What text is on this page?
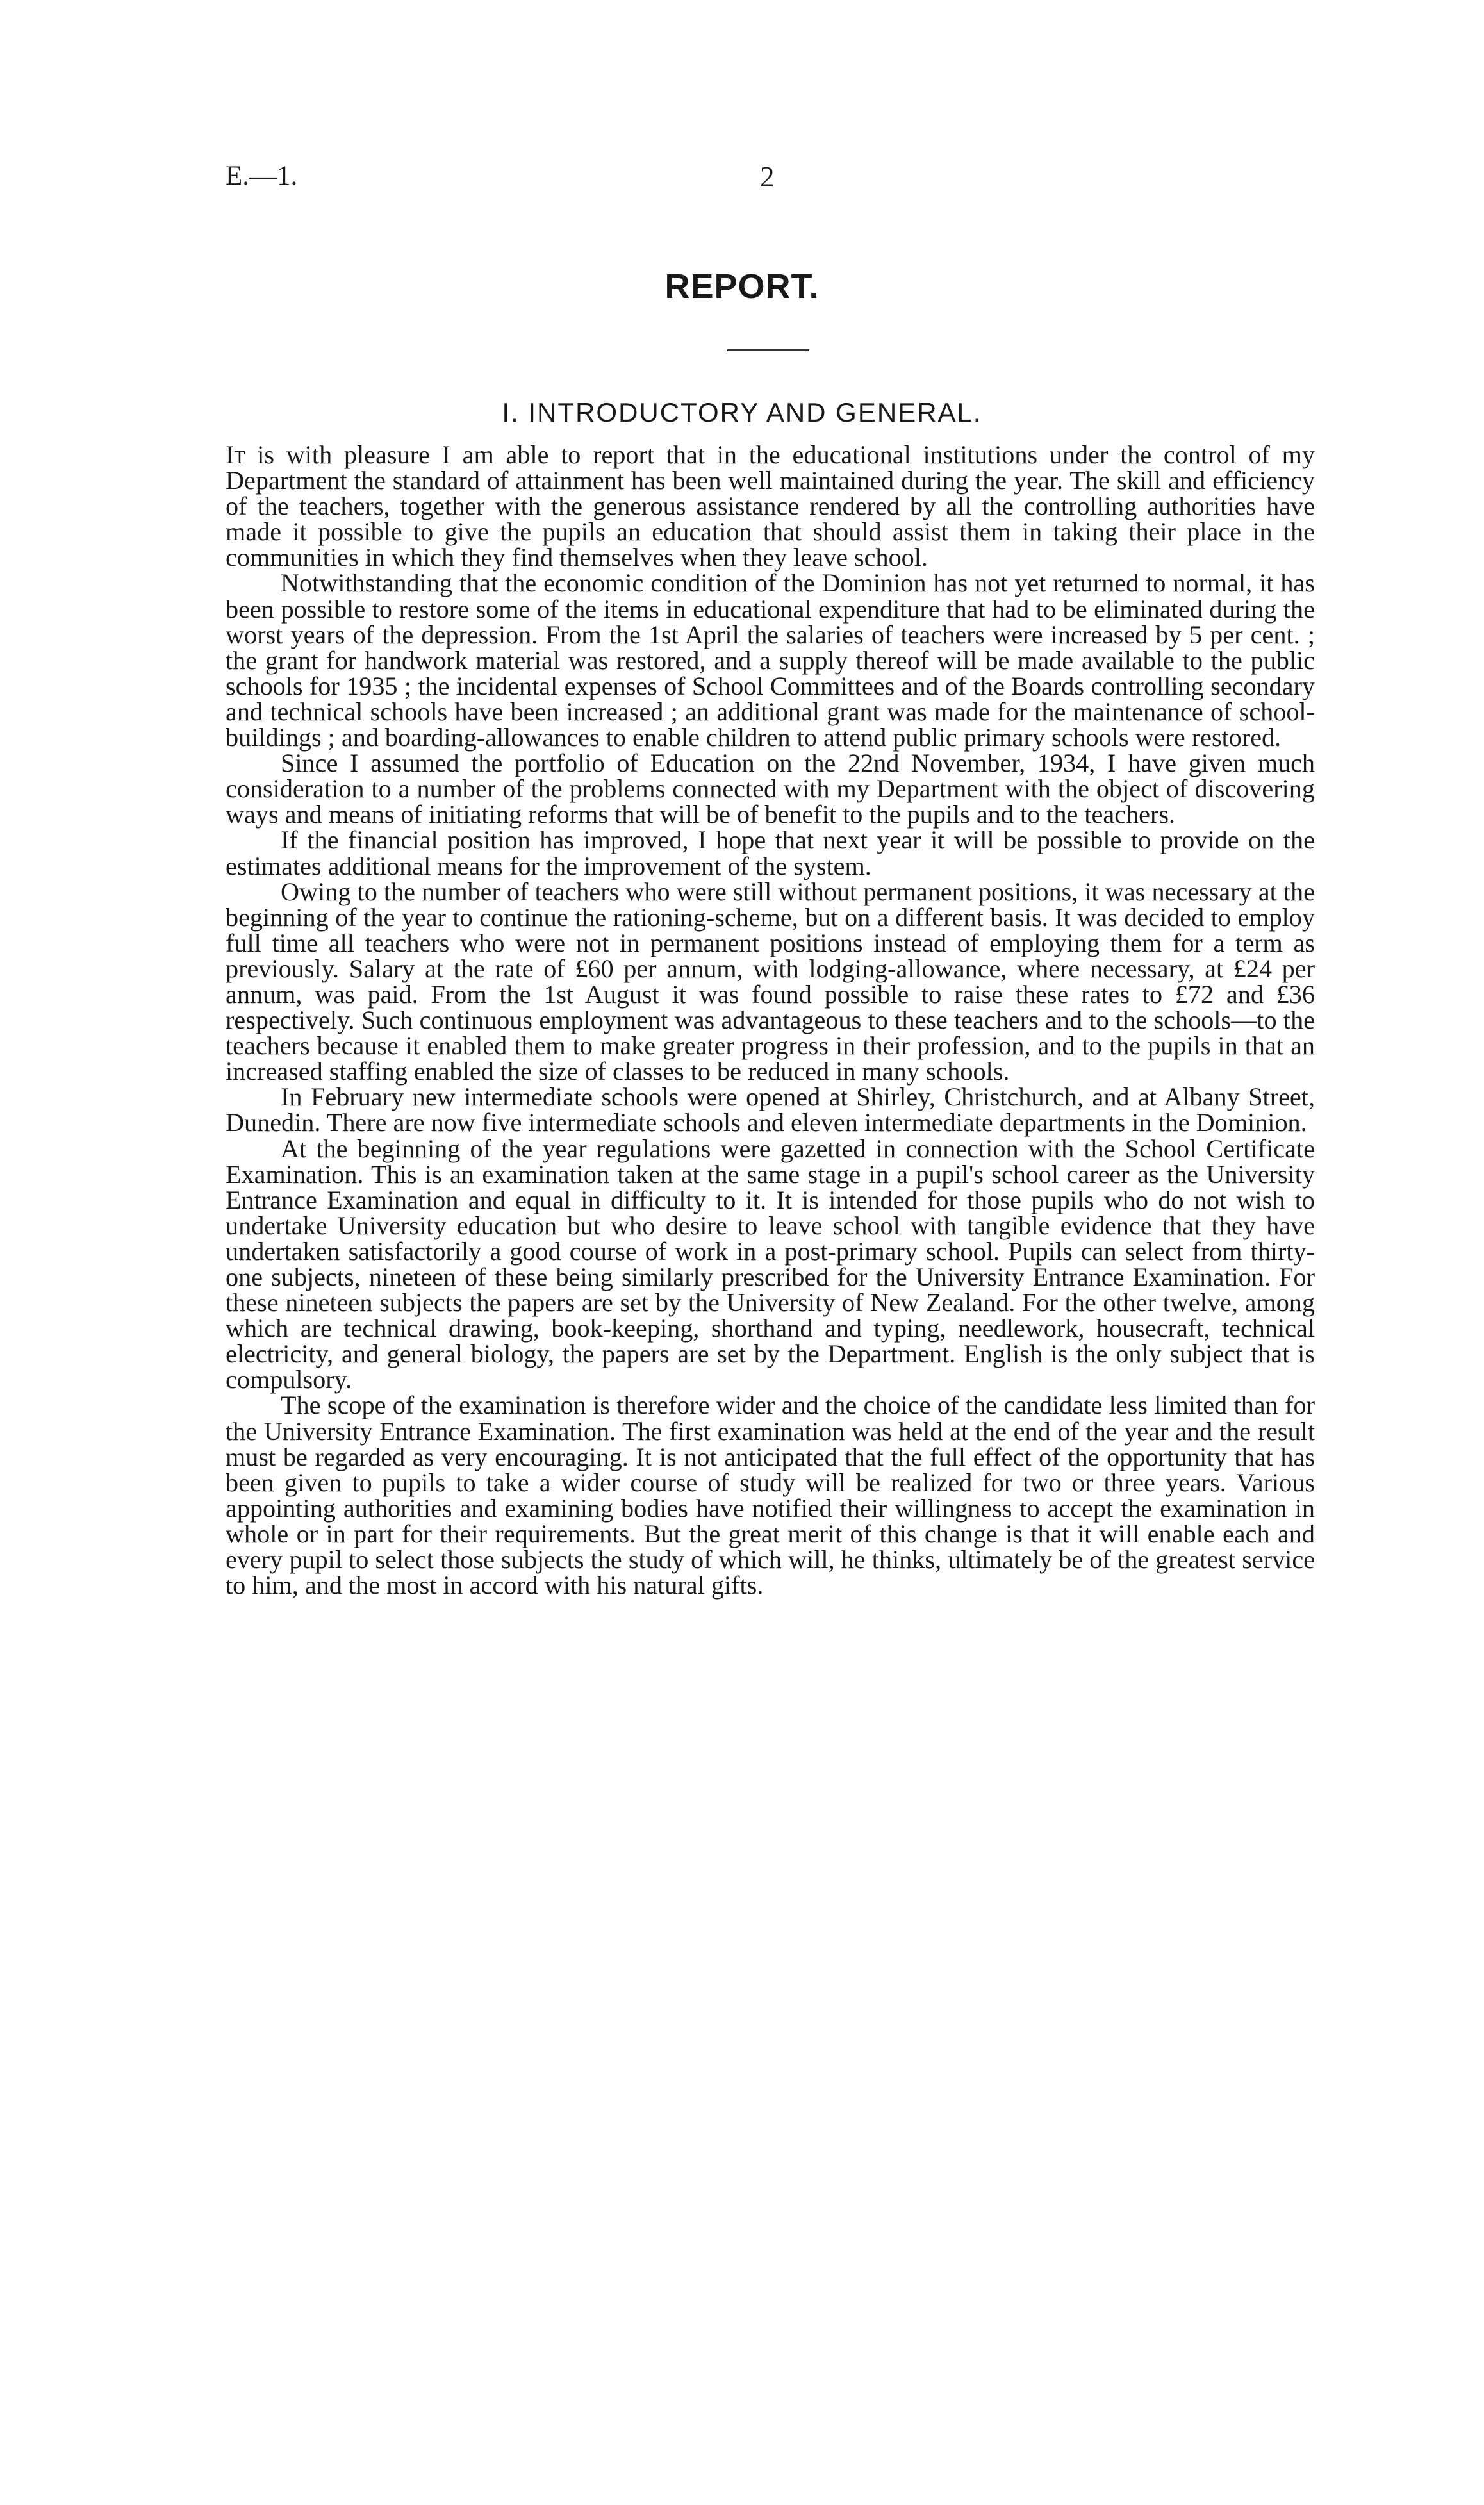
E.—1.	2
REPORT.
I. INTRODUCTORY AND GENERAL.

It is with pleasure I am able to report that in the educational institutions under the control of my Department the standard of attainment has been well maintained during the year. The skill and efficiency of the teachers, together with the generous assistance rendered by all the controlling authorities have made it possible to give the pupils an education that should assist them in taking their place in the communities in which they find themselves when they leave school.

Notwithstanding that the economic condition of the Dominion has not yet returned to normal, it has been possible to restore some of the items in educational expenditure that had to be eliminated during the worst years of the depression. From the 1st April the salaries of teachers were increased by 5 per cent. ; the grant for handwork material was restored, and a supply thereof will be made available to the public schools for 1935 ; the incidental expenses of School Committees and of the Boards controlling secondary and technical schools have been increased ; an additional grant was made for the maintenance of school-buildings ; and boarding-allowances to enable children to attend public primary schools were restored.

Since I assumed the portfolio of Education on the 22nd November, 1934, I have given much consideration to a number of the problems connected with my Department with the object of discovering ways and means of initiating reforms that will be of benefit to the pupils and to the teachers.

If the financial position has improved, I hope that next year it will be possible to provide on the estimates additional means for the improvement of the system.

Owing to the number of teachers who were still without permanent positions, it was necessary at the beginning of the year to continue the rationing-scheme, but on a different basis. It was decided to employ full time all teachers who were not in permanent positions instead of employing them for a term as previously. Salary at the rate of £60 per annum, with lodging-allowance, where necessary, at £24 per annum, was paid. From the 1st August it was found possible to raise these rates to £72 and £36 respectively. Such continuous employment was advantageous to these teachers and to the schools—to the teachers because it enabled them to make greater progress in their profession, and to the pupils in that an increased staffing enabled the size of classes to be reduced in many schools.

In February new intermediate schools were opened at Shirley, Christchurch, and at Albany Street, Dunedin. There are now five intermediate schools and eleven intermediate departments in the Dominion.

At the beginning of the year regulations were gazetted in connection with the School Certificate Examination. This is an examination taken at the same stage in a pupil's school career as the University Entrance Examination and equal in difficulty to it. It is intended for those pupils who do not wish to undertake University education but who desire to leave school with tangible evidence that they have undertaken satisfactorily a good course of work in a post-primary school. Pupils can select from thirty-one subjects, nineteen of these being similarly prescribed for the University Entrance Examination. For these nineteen subjects the papers are set by the University of New Zealand. For the other twelve, among which are technical drawing, book-keeping, shorthand and typing, needlework, housecraft, technical electricity, and general biology, the papers are set by the Department. English is the only subject that is compulsory.

The scope of the examination is therefore wider and the choice of the candidate less limited than for the University Entrance Examination. The first examination was held at the end of the year and the result must be regarded as very encouraging. It is not anticipated that the full effect of the opportunity that has been given to pupils to take a wider course of study will be realized for two or three years. Various appointing authorities and examining bodies have notified their willingness to accept the examination in whole or in part for their requirements. But the great merit of this change is that it will enable each and every pupil to select those subjects the study of which will, he thinks, ultimately be of the greatest service to him, and the most in accord with his natural gifts.
